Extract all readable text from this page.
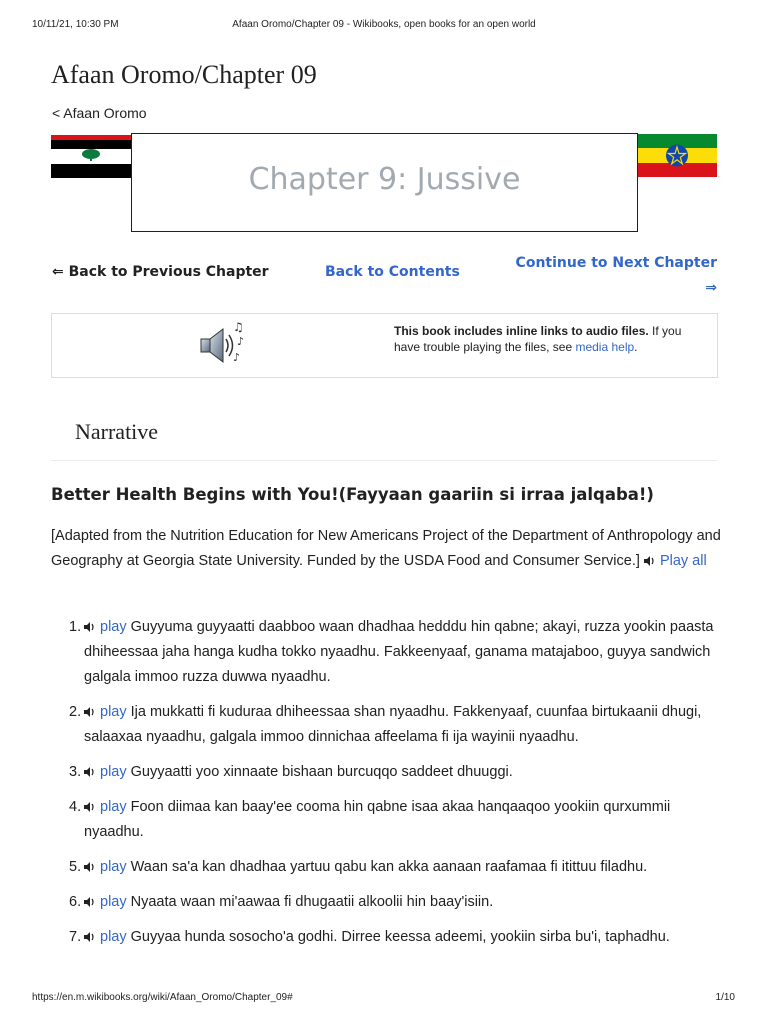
10/11/21, 10:30 PM	Afaan Oromo/Chapter 09 - Wikibooks, open books for an open world
Afaan Oromo/Chapter 09
< Afaan Oromo
Chapter 9: Jussive
⇐ Back to Previous Chapter	Back to Contents
Continue to Next Chapter
⇒
♫
♪
♪
This book includes inline links to audio files. If you have trouble playing the files, see media help.
Narrative
Better Health Begins with You!(Fayyaan gaariin si irraa jalqaba!)
[Adapted from the Nutrition Education for New Americans Project of the Department of Anthropology and Geography at Georgia State University. Funded by the USDA Food and Consumer Service.] Play all
1. play Guyyuma guyyaatti daabboo waan dhadhaa hedddu hin qabne; akayi, ruzza yookin paasta dhiheessaa jaha hanga kudha tokko nyaadhu. Fakkeenyaaf, ganama matajaboo, guyya sandwich galgala immoo ruzza duwwa nyaadhu.
2. play Ija mukkatti fi kuduraa dhiheessaa shan nyaadhu. Fakkenyaaf, cuunfaa birtukaanii dhugi, salaaxaa nyaadhu, galgala immoo dinnichaa affeelama fi ija wayinii nyaadhu.
3. play Guyyaatti yoo xinnaate bishaan burcuqqo saddeet dhuuggi.
4. play Foon diimaa kan baay'ee cooma hin qabne isaa akaa hanqaaqoo yookiin qurxummii nyaadhu.
5. play Waan sa'a kan dhadhaa yartuu qabu kan akka aanaan raafamaa fi itittuu filadhu.
6. play Nyaata waan mi'aawaa fi dhugaatii alkoolii hin baay'isiin.
7. play Guyyaa hunda sosocho'a godhi. Dirree keessa adeemi, yookiin sirba bu'i, taphadhu.
https://en.m.wikibooks.org/wiki/Afaan_Oromo/Chapter_09#	1/10
